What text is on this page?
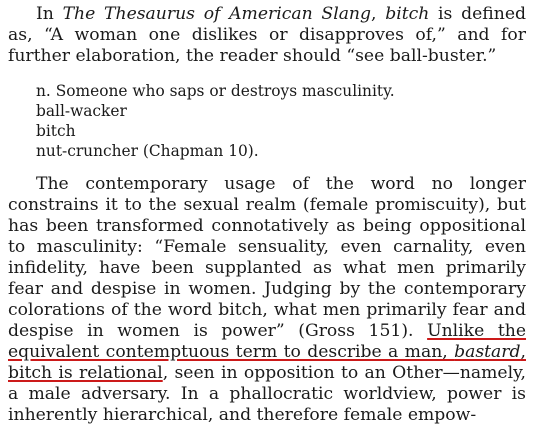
In The Thesaurus of American Slang, bitch is defined as, “A woman one dislikes or disapproves of,” and for further elaboration, the reader should “see ball-buster.”

n. Someone who saps or destroys masculinity.
ball-wacker
bitch
nut-cruncher (Chapman 10).

The contemporary usage of the word no longer constrains it to the sexual realm (female promiscuity), but has been transformed connotatively as being oppositional to masculinity: “Female sensuality, even carnality, even infidelity, have been supplanted as what men primarily fear and despise in women. Judging by the contemporary colorations of the word bitch, what men primarily fear and despise in women is power” (Gross 151). Unlike the equivalent contemptuous term to describe a man, bastard, bitch is relational, seen in opposition to an Other—namely, a male adversary. In a phallocratic worldview, power is inherently hierarchical, and therefore female empow-
